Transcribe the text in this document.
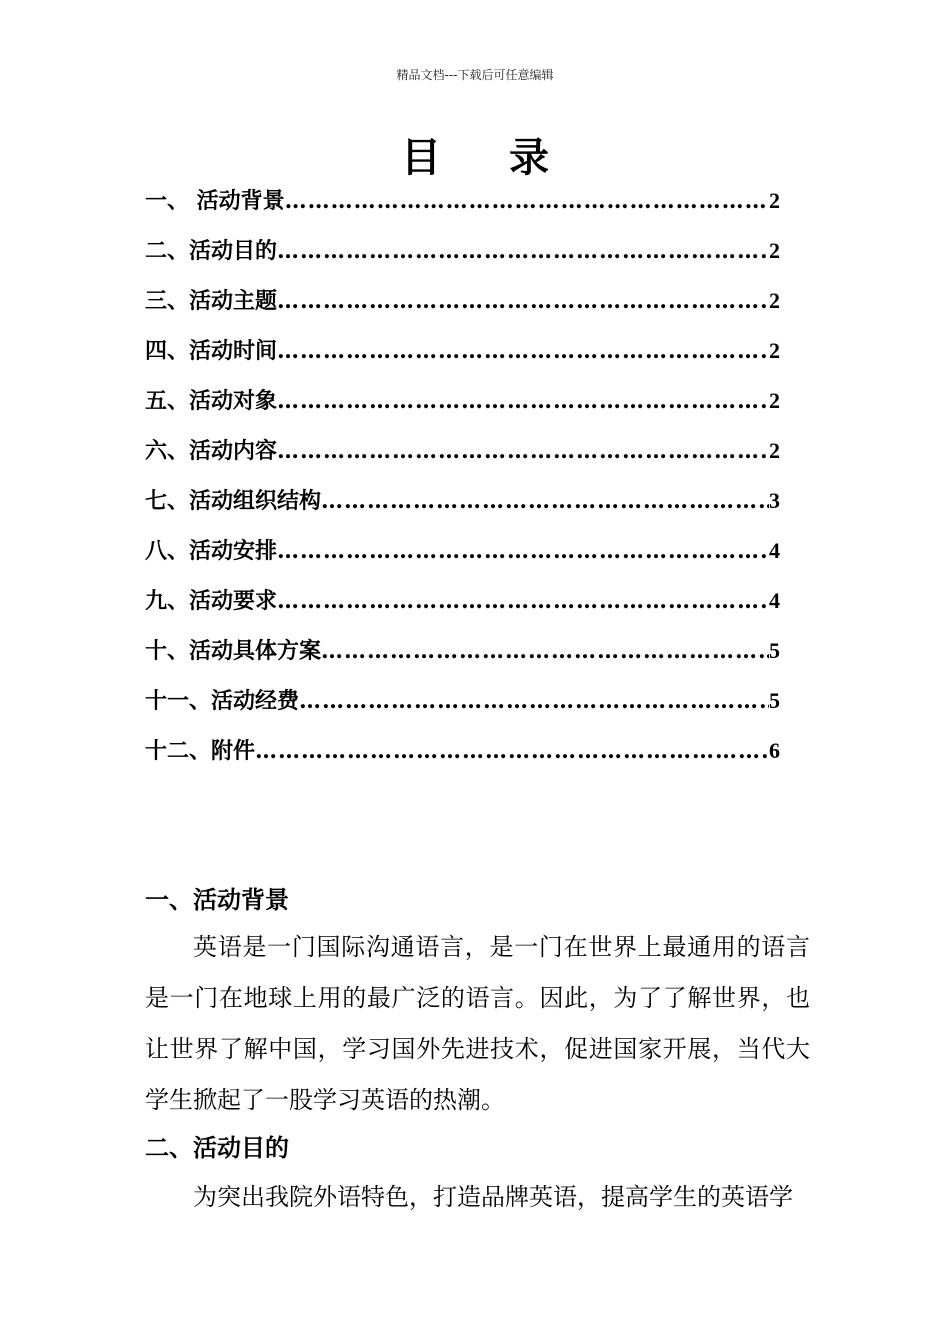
精品文档---下载后可任意编辑
目录
一、 活动背景 ……………………………………………………………………………………………………………………	2
二、活动目的 ……………………………………………………………………………………………………………………	2
三、活动主题 ……………………………………………………………………………………………………………………	2
四、活动时间 ……………………………………………………………………………………………………………………	2
五、活动对象 ……………………………………………………………………………………………………………………	2
六、活动内容 ……………………………………………………………………………………………………………………	2
七、活动组织结构 ……………………………………………………………………………………………………………………	3
八、活动安排 ……………………………………………………………………………………………………………………	4
九、活动要求 ……………………………………………………………………………………………………………………	4
十、活动具体方案 ……………………………………………………………………………………………………………………	5
十一、活动经费 ……………………………………………………………………………………………………………………	5
十二、附件 ……………………………………………………………………………………………………………………	6
一、活动背景
英语是一门国际沟通语言，是一门在世界上最通用的语言是一门在地球上用的最广泛的语言。因此，为了了解世界，也让世界了解中国，学习国外先进技术，促进国家开展，当代大学生掀起了一股学习英语的热潮。
二、活动目的
为突出我院外语特色，打造品牌英语，提高学生的英语学
